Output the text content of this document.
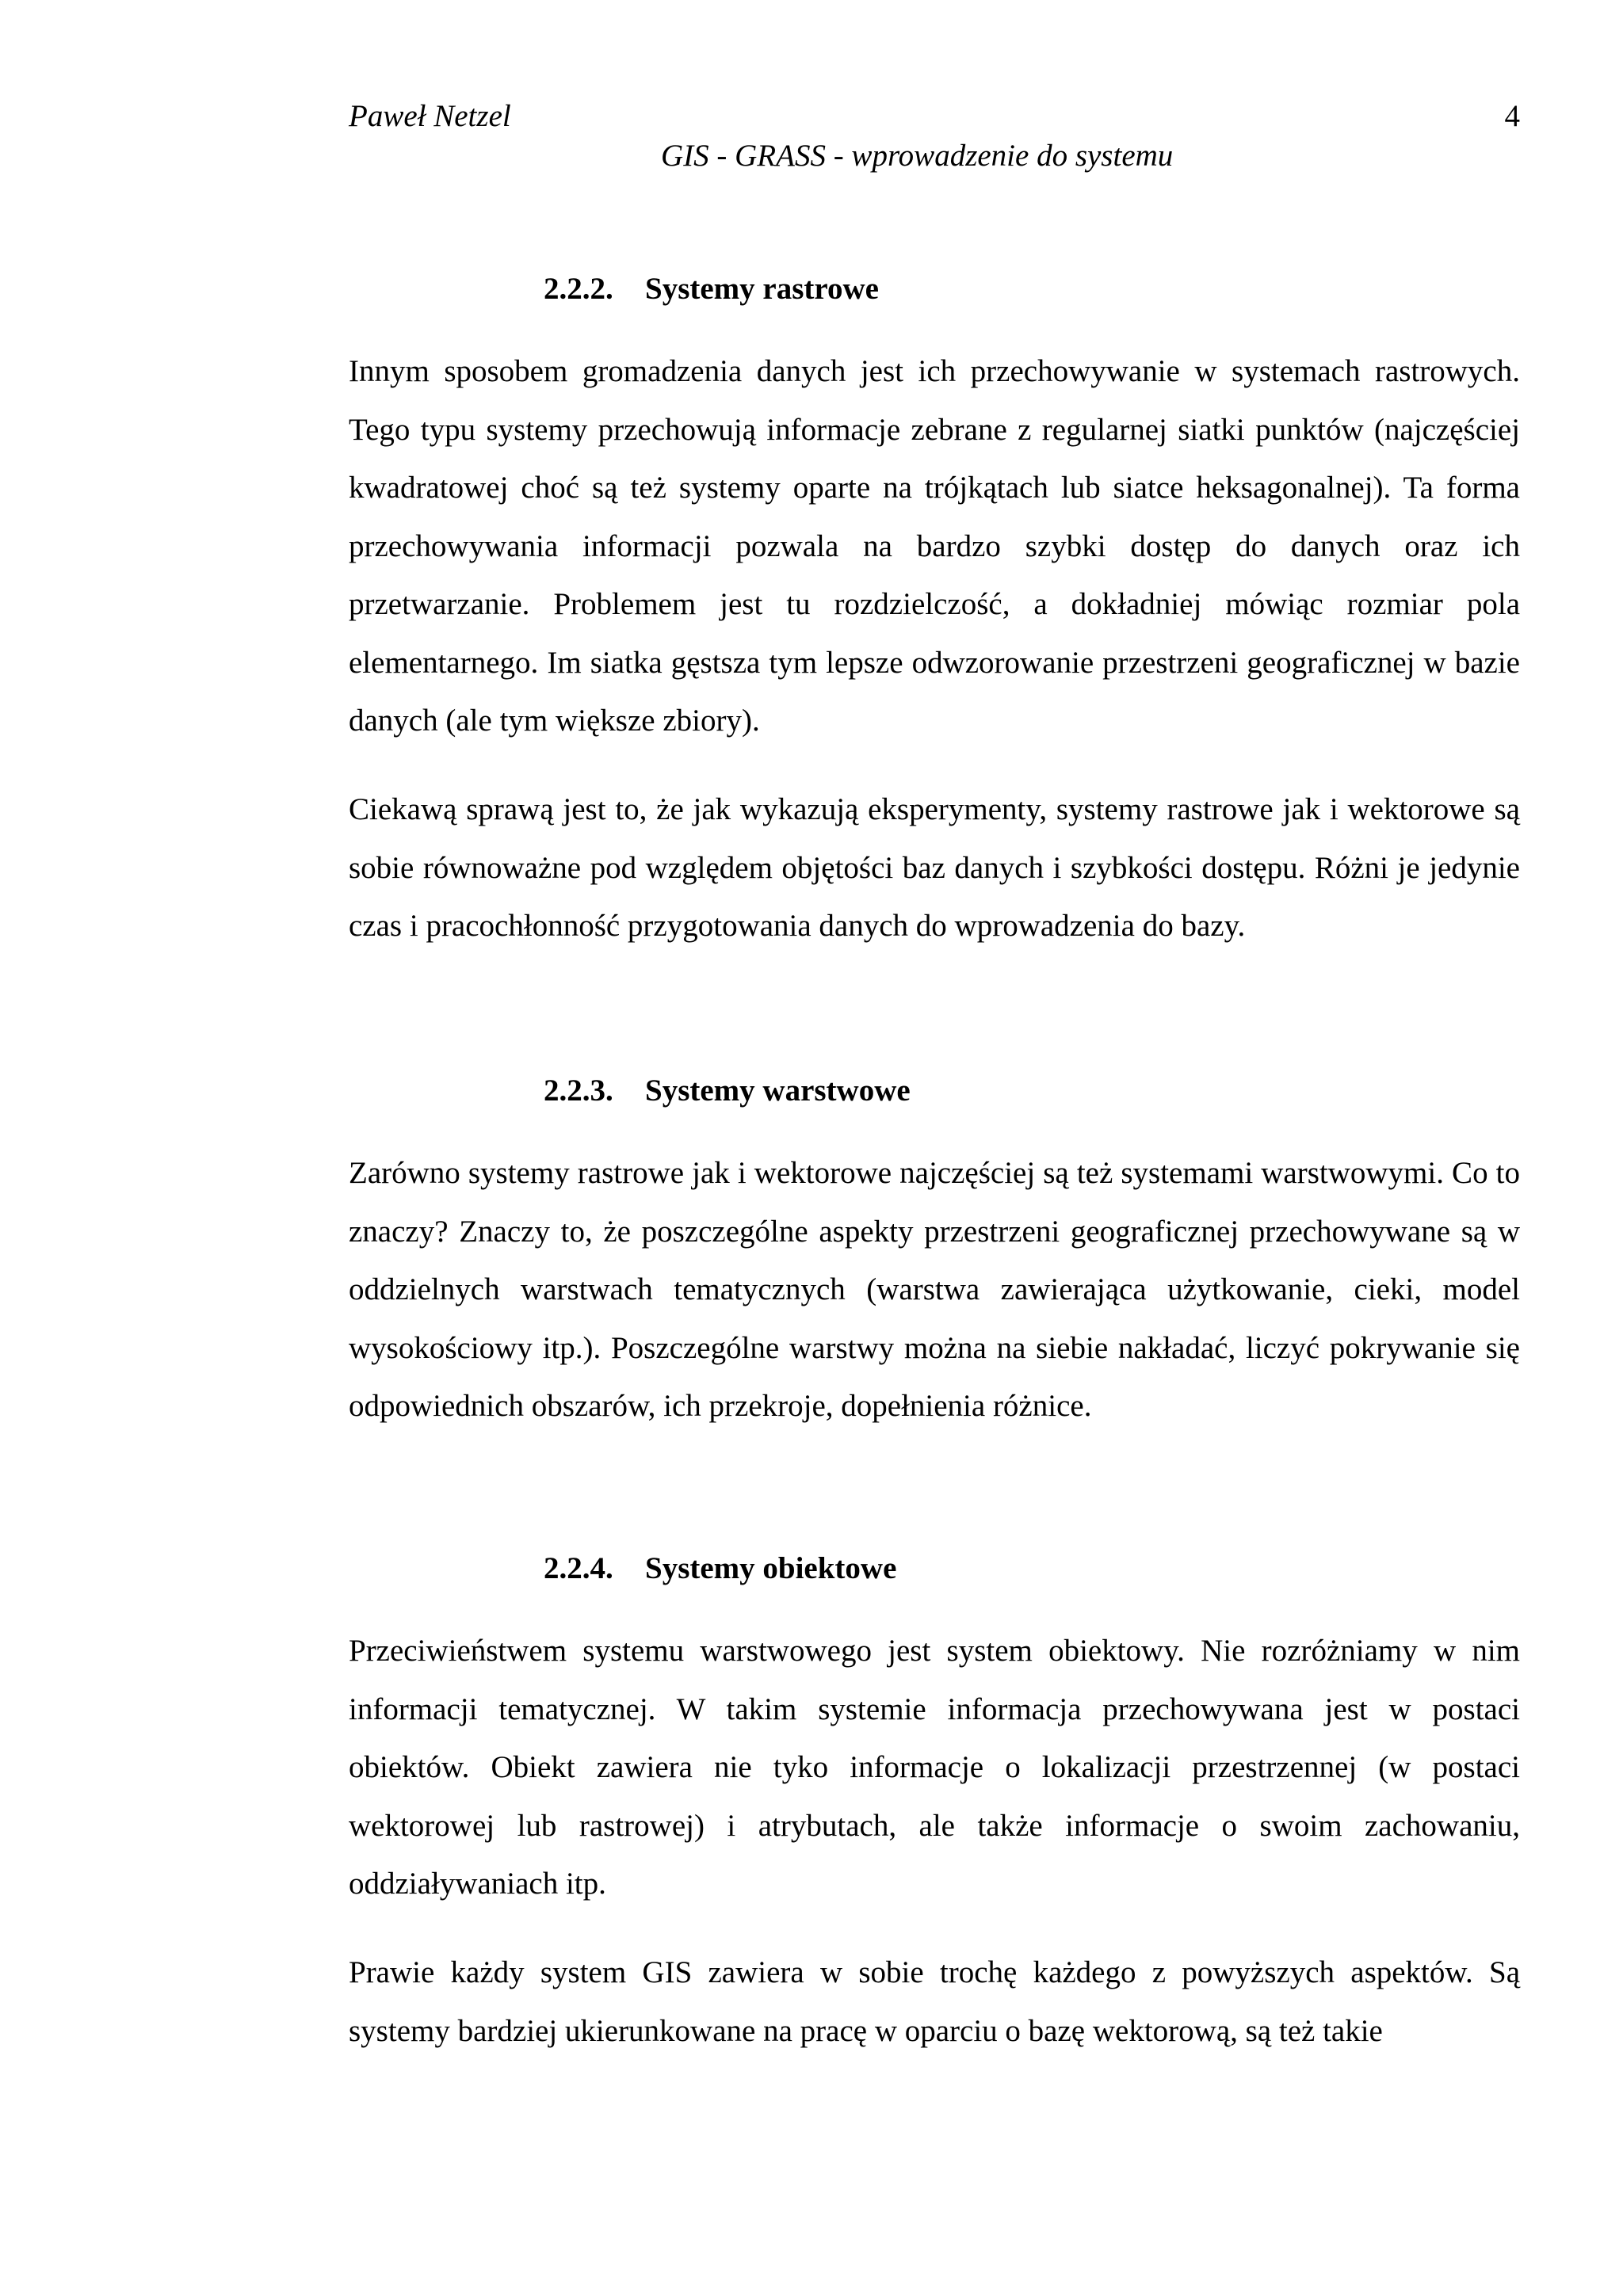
Paweł Netzel	4
GIS - GRASS - wprowadzenie do systemu
2.2.2. Systemy rastrowe

Innym sposobem gromadzenia danych jest ich przechowywanie w systemach rastrowych. Tego typu systemy przechowują informacje zebrane z regularnej siatki punktów (najczęściej kwadratowej choć są też systemy oparte na trójkątach lub siatce heksagonalnej). Ta forma przechowywania informacji pozwala na bardzo szybki dostęp do danych oraz ich przetwarzanie. Problemem jest tu rozdzielczość, a dokładniej mówiąc rozmiar pola elementarnego. Im siatka gęstsza tym lepsze odwzorowanie przestrzeni geograficznej w bazie danych (ale tym większe zbiory).

Ciekawą sprawą jest to, że jak wykazują eksperymenty, systemy rastrowe jak i wektorowe są sobie równoważne pod względem objętości baz danych i szybkości dostępu. Różni je jedynie czas i pracochłonność przygotowania danych do wprowadzenia do bazy.

2.2.3. Systemy warstwowe

Zarówno systemy rastrowe jak i wektorowe najczęściej są też systemami warstwowymi. Co to znaczy? Znaczy to, że poszczególne aspekty przestrzeni geograficznej przechowywane są w oddzielnych warstwach tematycznych (warstwa zawierająca użytkowanie, cieki, model wysokościowy itp.). Poszczególne warstwy można na siebie nakładać, liczyć pokrywanie się odpowiednich obszarów, ich przekroje, dopełnienia różnice.

2.2.4. Systemy obiektowe

Przeciwieństwem systemu warstwowego jest system obiektowy. Nie rozróżniamy w nim informacji tematycznej. W takim systemie informacja przechowywana jest w postaci obiektów. Obiekt zawiera nie tyko informacje o lokalizacji przestrzennej (w postaci wektorowej lub rastrowej) i atrybutach, ale także informacje o swoim zachowaniu, oddziaływaniach itp.

Prawie każdy system GIS zawiera w sobie trochę każdego z powyższych aspektów. Są systemy bardziej ukierunkowane na pracę w oparciu o bazę wektorową, są też takie
